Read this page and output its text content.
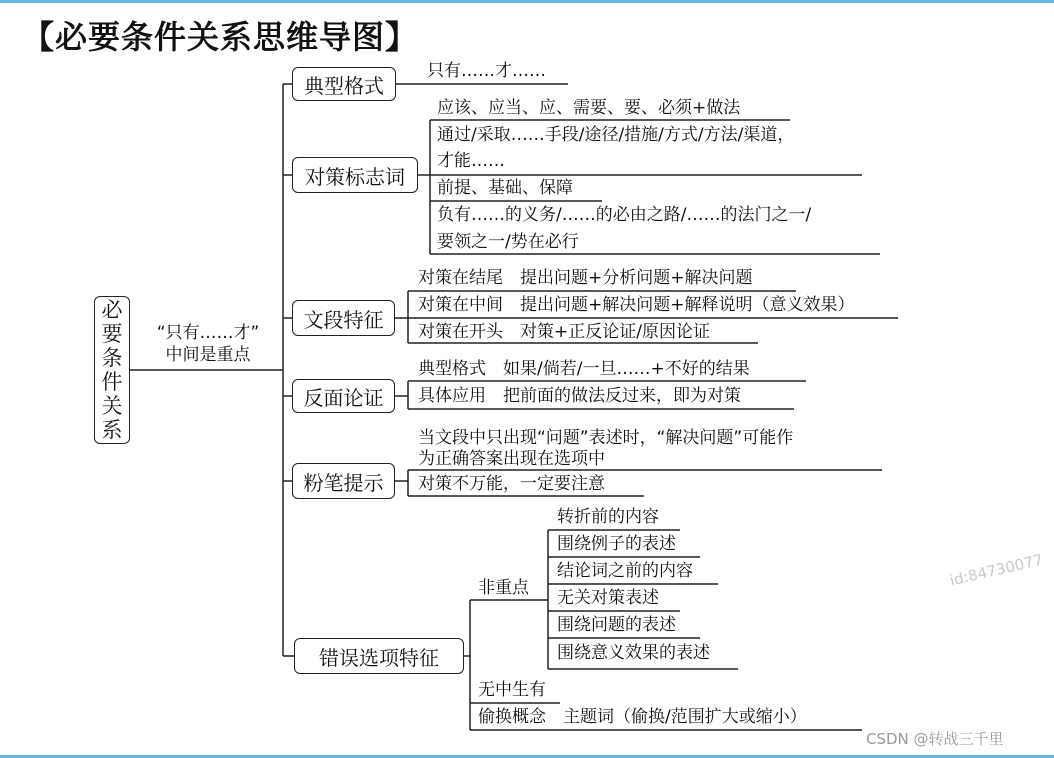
【必要条件关系思维导图】
必
要
条
件
关
系
“只有……才”
中间是重点
典型格式
只有……才……
对策标志词
应该、应当、应、需要、要、必须+做法
通过/采取……手段/途径/措施/方式/方法/渠道，
才能……
前提、基础、保障
负有……的义务/……的必由之路/……的法门之一/
要领之一/势在必行
文段特征
对策在结尾　提出问题+分析问题+解决问题
对策在中间　提出问题+解决问题+解释说明（意义效果）
对策在开头　对策+正反论证/原因论证
反面论证
典型格式　如果/倘若/一旦……+不好的结果
具体应用　把前面的做法反过来，即为对策
粉笔提示
当文段中只出现“问题”表述时，“解决问题”可能作
为正确答案出现在选项中
对策不万能，一定要注意
错误选项特征
非重点
转折前的内容
围绕例子的表述
结论词之前的内容
无关对策表述
围绕问题的表述
围绕意义效果的表述
无中生有
偷换概念　主题词（偷换/范围扩大或缩小）
id:84730077
CSDN @转战三千里
